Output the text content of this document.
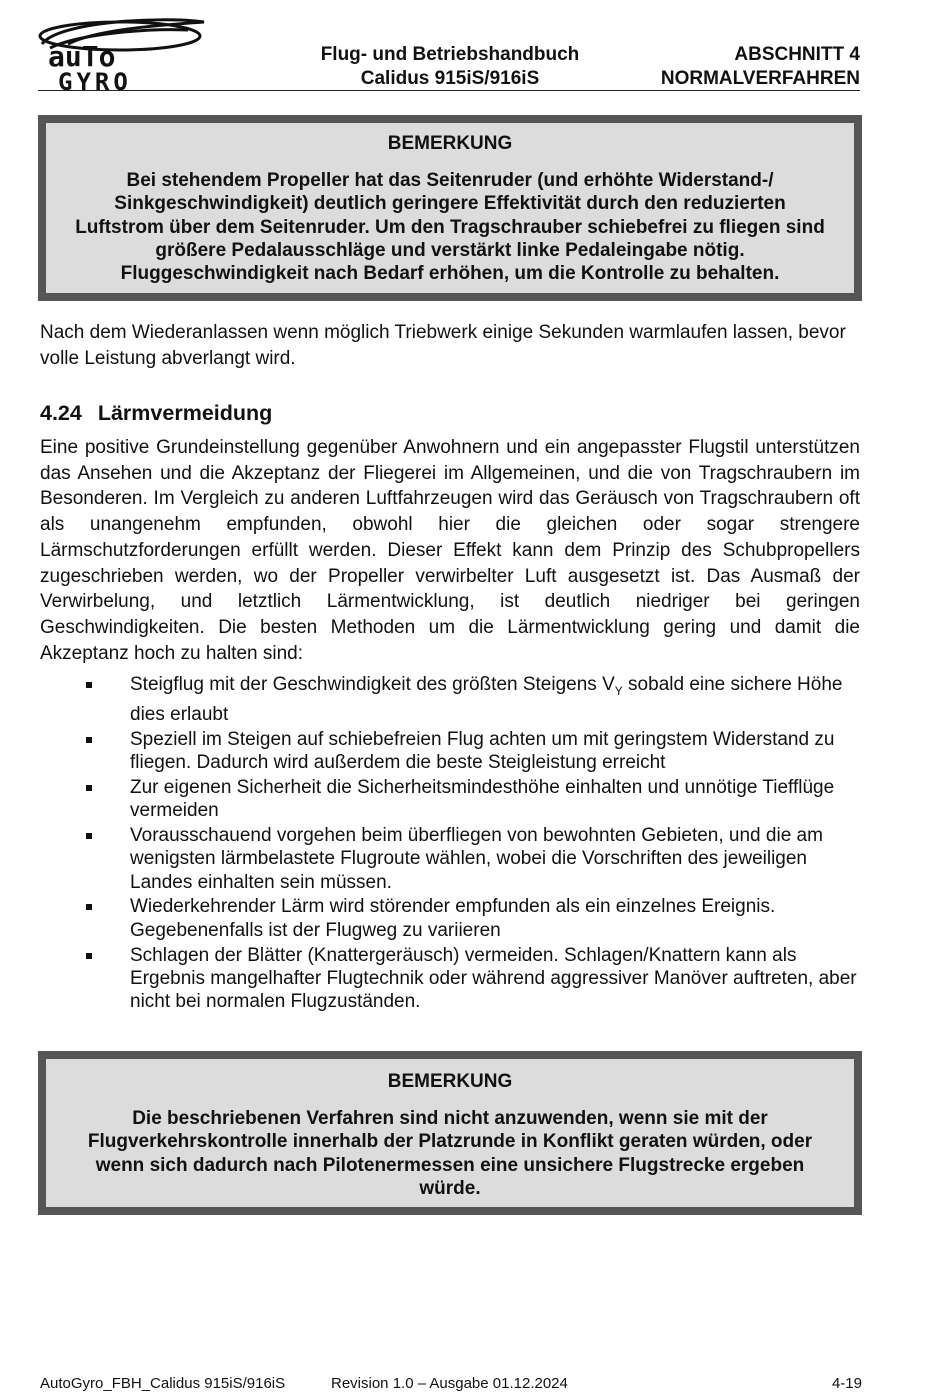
auTo
GYRO
Flug- und Betriebshandbuch
Calidus 915iS/916iS
ABSCHNITT 4
NORMALVERFAHREN
BEMERKUNG
Bei stehendem Propeller hat das Seitenruder (und erhöhte Widerstand-/ Sinkgeschwindigkeit) deutlich geringere Effektivität durch den reduzierten Luftstrom über dem Seitenruder. Um den Tragschrauber schiebefrei zu fliegen sind größere Pedalausschläge und verstärkt linke Pedaleingabe nötig. Fluggeschwindigkeit nach Bedarf erhöhen, um die Kontrolle zu behalten.
Nach dem Wiederanlassen wenn möglich Triebwerk einige Sekunden warmlaufen lassen, bevor volle Leistung abverlangt wird.
4.24 Lärmvermeidung
Eine positive Grundeinstellung gegenüber Anwohnern und ein angepasster Flugstil unterstützen das Ansehen und die Akzeptanz der Fliegerei im Allgemeinen, und die von Tragschraubern im Besonderen. Im Vergleich zu anderen Luftfahrzeugen wird das Geräusch von Tragschraubern oft als unangenehm empfunden, obwohl hier die gleichen oder sogar strengere Lärmschutzforderungen erfüllt werden. Dieser Effekt kann dem Prinzip des Schubpropellers zugeschrieben werden, wo der Propeller verwirbelter Luft ausgesetzt ist. Das Ausmaß der Verwirbelung, und letztlich Lärmentwicklung, ist deutlich niedriger bei geringen Geschwindigkeiten. Die besten Methoden um die Lärmentwicklung gering und damit die Akzeptanz hoch zu halten sind:
Steigflug mit der Geschwindigkeit des größten Steigens $V_Y$ sobald eine sichere Höhe dies erlaubt
Speziell im Steigen auf schiebefreien Flug achten um mit geringstem Widerstand zu fliegen. Dadurch wird außerdem die beste Steigleistung erreicht
Zur eigenen Sicherheit die Sicherheitsmindesthöhe einhalten und unnötige Tiefflüge vermeiden
Vorausschauend vorgehen beim überfliegen von bewohnten Gebieten, und die am wenigsten lärmbelastete Flugroute wählen, wobei die Vorschriften des jeweiligen Landes einhalten sein müssen.
Wiederkehrender Lärm wird störender empfunden als ein einzelnes Ereignis. Gegebenenfalls ist der Flugweg zu variieren
Schlagen der Blätter (Knattergeräusch) vermeiden. Schlagen/Knattern kann als Ergebnis mangelhafter Flugtechnik oder während aggressiver Manöver auftreten, aber nicht bei normalen Flugzuständen.
BEMERKUNG
Die beschriebenen Verfahren sind nicht anzuwenden, wenn sie mit der Flugverkehrskontrolle innerhalb der Platzrunde in Konflikt geraten würden, oder wenn sich dadurch nach Pilotenermessen eine unsichere Flugstrecke ergeben würde.
AutoGyro_FBH_Calidus 915iS/916iS	Revision 1.0 – Ausgabe 01.12.2024	4-19
